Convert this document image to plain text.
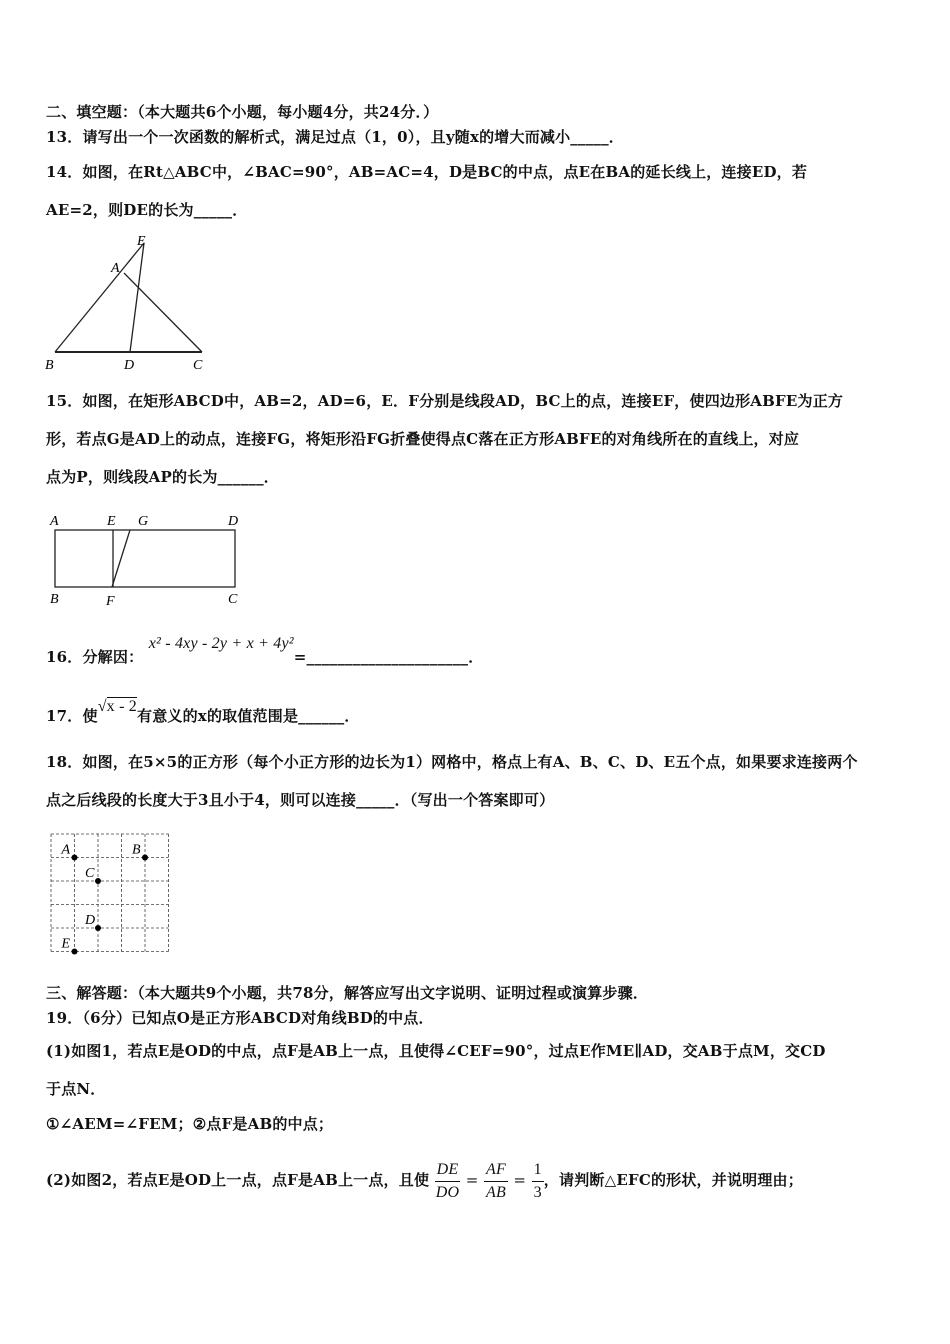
二、填空题：（本大题共6个小题，每小题4分，共24分．）
13．请写出一个一次函数的解析式，满足过点（1，0），且y随x的增大而减小_____．
14．如图，在Rt△ABC中，∠BAC=90°，AB=AC=4，D是BC的中点，点E在BA的延长线上，连接ED，若
AE=2，则DE的长为_____．
E
A
B	D	C
15．如图，在矩形ABCD中，AB=2，AD=6，E．F分别是线段AD，BC上的点，连接EF，使四边形ABFE为正方
形，若点G是AD上的动点，连接FG，将矩形沿FG折叠使得点C落在正方形ABFE的对角线所在的直线上，对应
点为P，则线段AP的长为______．
A	E G	D
B	F	C
16．分解因： x² - 4xy - 2y + x + 4y²=_____________________．
17．使√x - 2有意义的x的取值范围是______．
18．如图，在5×5的正方形（每个小正方形的边长为1）网格中，格点上有A、B、C、D、E五个点，如果要求连接两个
点之后线段的长度大于3且小于4，则可以连接_____．（写出一个答案即可）
A	B
C
D
E
三、解答题：（本大题共9个小题，共78分，解答应写出文字说明、证明过程或演算步骤．
19．（6分）已知点O是正方形ABCD对角线BD的中点．
(1)如图1，若点E是OD的中点，点F是AB上一点，且使得∠CEF=90°，过点E作ME∥AD，交AB于点M，交CD
于点N．
①∠AEM=∠FEM；②点F是AB的中点；
(2)如图2，若点E是OD上一点，点F是AB上一点，且使 $\frac{DE}{DO} = \frac{AF}{AB} = \frac{1}{3}$ ，请判断△EFC的形状，并说明理由；
